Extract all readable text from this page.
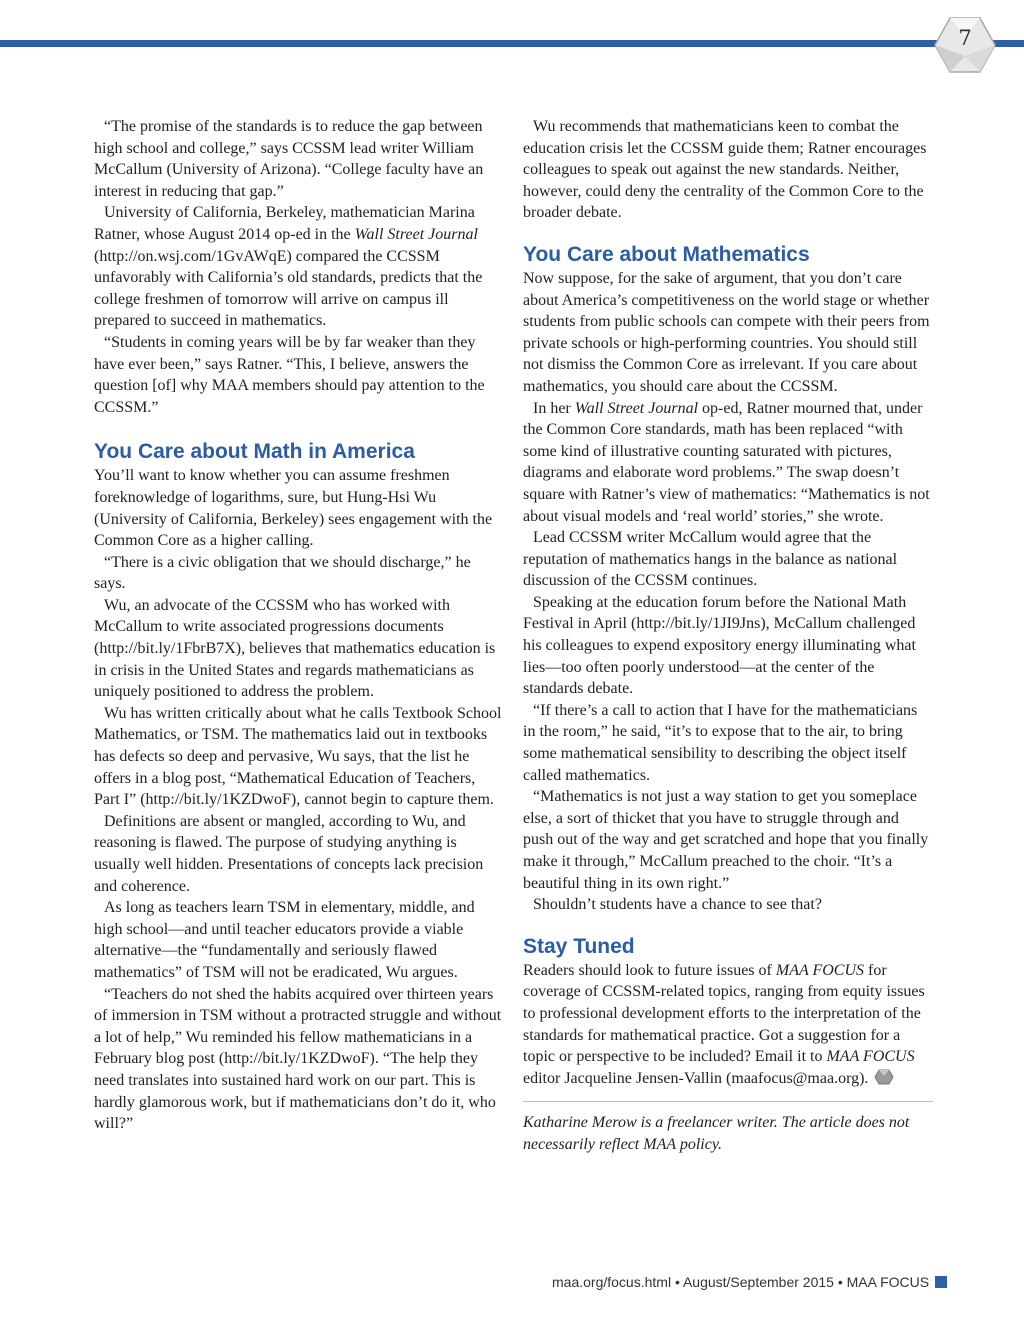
7

“The promise of the standards is to reduce the gap between high school and college,” says CCSSM lead writer William McCallum (University of Arizona). “College faculty have an interest in reducing that gap.”

University of California, Berkeley, mathematician Marina Ratner, whose August 2014 op-ed in the Wall Street Journal (http://on.wsj.com/1GvAWqE) compared the CCSSM unfavorably with California’s old standards, predicts that the college freshmen of tomorrow will arrive on campus ill prepared to succeed in mathematics.

“Students in coming years will be by far weaker than they have ever been,” says Ratner. “This, I believe, answers the question [of] why MAA members should pay attention to the CCSSM.”

You Care about Math in America

You’ll want to know whether you can assume freshmen foreknowledge of logarithms, sure, but Hung-Hsi Wu (University of California, Berkeley) sees engagement with the Common Core as a higher calling.

“There is a civic obligation that we should discharge,” he says.

Wu, an advocate of the CCSSM who has worked with McCallum to write associated progressions documents (http://bit.ly/1FbrB7X), believes that mathematics education is in crisis in the United States and regards mathematicians as uniquely positioned to address the problem.

Wu has written critically about what he calls Textbook School Mathematics, or TSM. The mathematics laid out in textbooks has defects so deep and pervasive, Wu says, that the list he offers in a blog post, “Mathematical Education of Teachers, Part I” (http://bit.ly/1KZDwoF), cannot begin to capture them.

Definitions are absent or mangled, according to Wu, and reasoning is flawed. The purpose of studying anything is usually well hidden. Presentations of concepts lack precision and coherence.

As long as teachers learn TSM in elementary, middle, and high school—and until teacher educators provide a viable alternative—the “fundamentally and seriously flawed mathematics” of TSM will not be eradicated, Wu argues.

“Teachers do not shed the habits acquired over thirteen years of immersion in TSM without a protracted struggle and without a lot of help,” Wu reminded his fellow mathematicians in a February blog post (http://bit.ly/1KZDwoF). “The help they need translates into sustained hard work on our part. This is hardly glamorous work, but if mathematicians don’t do it, who will?”

Wu recommends that mathematicians keen to combat the education crisis let the CCSSM guide them; Ratner encourages colleagues to speak out against the new standards. Neither, however, could deny the centrality of the Common Core to the broader debate.

You Care about Mathematics

Now suppose, for the sake of argument, that you don’t care about America’s competitiveness on the world stage or whether students from public schools can compete with their peers from private schools or high-performing countries. You should still not dismiss the Common Core as irrelevant. If you care about mathematics, you should care about the CCSSM.

In her Wall Street Journal op-ed, Ratner mourned that, under the Common Core standards, math has been replaced “with some kind of illustrative counting saturated with pictures, diagrams and elaborate word problems.” The swap doesn’t square with Ratner’s view of mathematics: “Mathematics is not about visual models and ‘real world’ stories,” she wrote.

Lead CCSSM writer McCallum would agree that the reputation of mathematics hangs in the balance as national discussion of the CCSSM continues.

Speaking at the education forum before the National Math Festival in April (http://bit.ly/1JI9Jns), McCallum challenged his colleagues to expend expository energy illuminating what lies—too often poorly understood—at the center of the standards debate.

“If there’s a call to action that I have for the mathematicians in the room,” he said, “it’s to expose that to the air, to bring some mathematical sensibility to describing the object itself called mathematics.

“Mathematics is not just a way station to get you someplace else, a sort of thicket that you have to struggle through and push out of the way and get scratched and hope that you finally make it through,” McCallum preached to the choir. “It’s a beautiful thing in its own right.”

Shouldn’t students have a chance to see that?

Stay Tuned

Readers should look to future issues of MAA FOCUS for coverage of CCSSM-related topics, ranging from equity issues to professional development efforts to the interpretation of the standards for mathematical practice. Got a suggestion for a topic or perspective to be included? Email it to MAA FOCUS editor Jacqueline Jensen-Vallin (maafocus@maa.org).

Katharine Merow is a freelancer writer. The article does not necessarily reflect MAA policy.

maa.org/focus.html • August/September 2015 • MAA FOCUS
